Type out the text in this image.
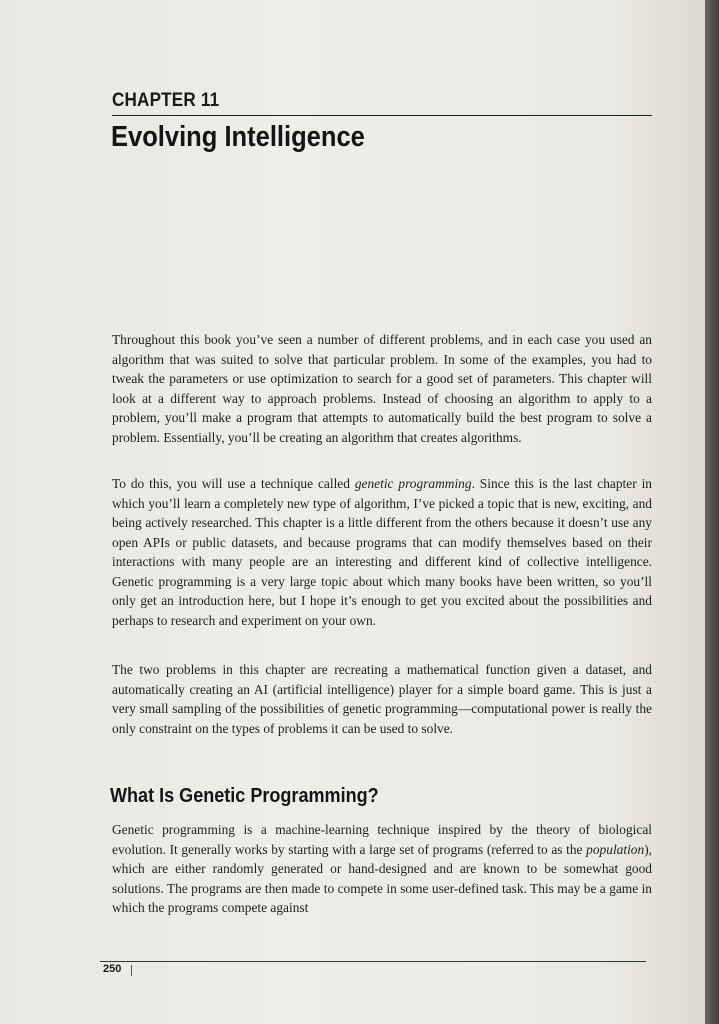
CHAPTER 11
Evolving Intelligence

Throughout this book you’ve seen a number of different problems, and in each case you used an algorithm that was suited to solve that particular problem. In some of the examples, you had to tweak the parameters or use optimization to search for a good set of parameters. This chapter will look at a different way to approach problems. Instead of choosing an algorithm to apply to a problem, you’ll make a program that attempts to automatically build the best program to solve a problem. Essentially, you’ll be creating an algorithm that creates algorithms.

To do this, you will use a technique called genetic programming. Since this is the last chapter in which you’ll learn a completely new type of algorithm, I’ve picked a topic that is new, exciting, and being actively researched. This chapter is a little different from the others because it doesn’t use any open APIs or public datasets, and because programs that can modify themselves based on their interactions with many people are an interesting and different kind of collective intelligence. Genetic programming is a very large topic about which many books have been written, so you’ll only get an introduction here, but I hope it’s enough to get you excited about the possibilities and perhaps to research and experiment on your own.

The two problems in this chapter are recreating a mathematical function given a dataset, and automatically creating an AI (artificial intelligence) player for a simple board game. This is just a very small sampling of the possibilities of genetic programming—computational power is really the only constraint on the types of problems it can be used to solve.

What Is Genetic Programming?

Genetic programming is a machine-learning technique inspired by the theory of biological evolution. It generally works by starting with a large set of programs (referred to as the population), which are either randomly generated or hand-designed and are known to be somewhat good solutions. The programs are then made to compete in some user-defined task. This may be a game in which the programs compete against

250
